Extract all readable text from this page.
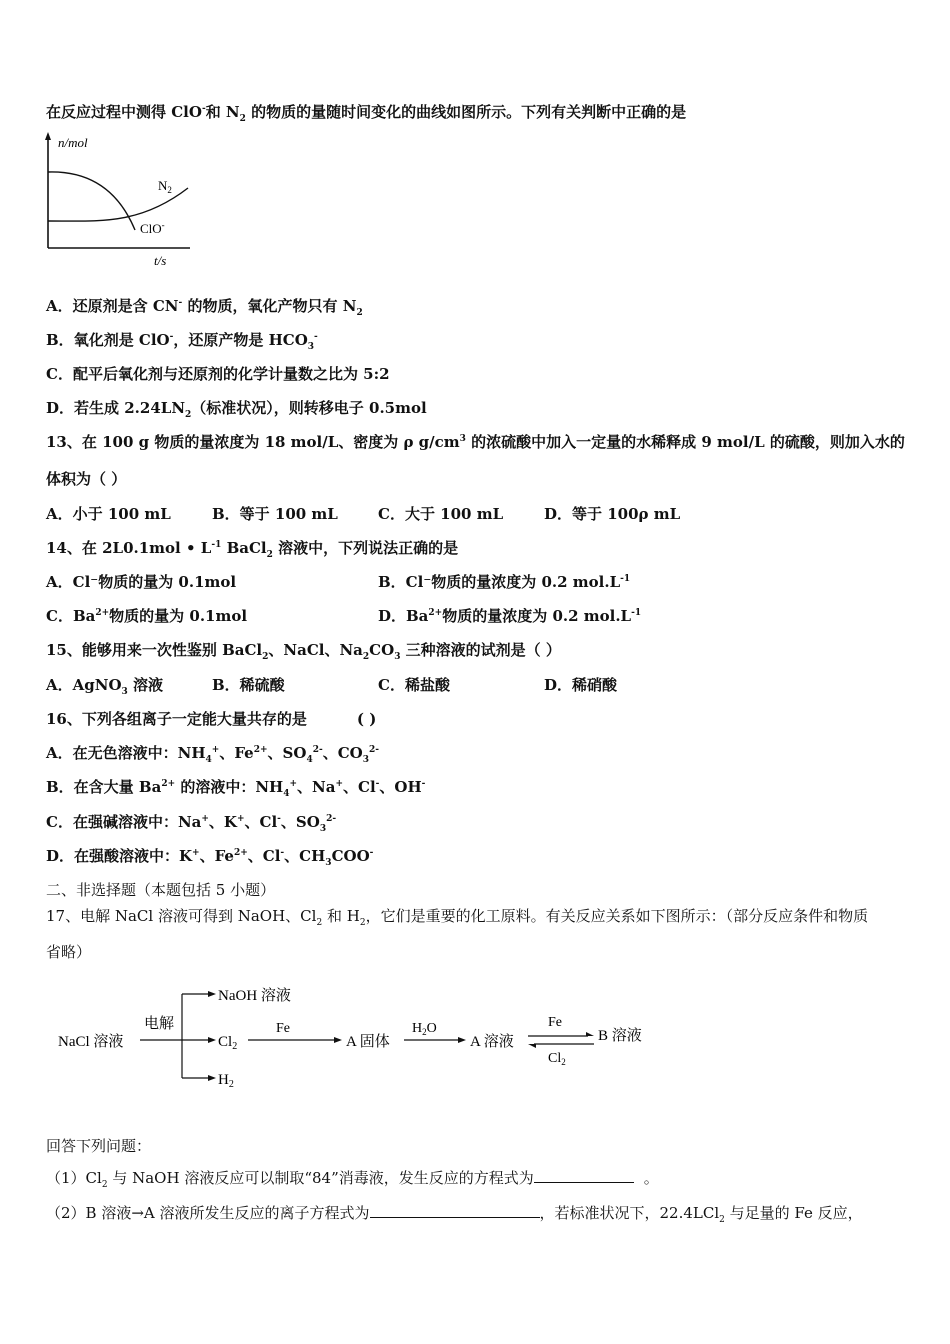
在反应过程中测得 ClO-和 $N_2$ 的物质的量随时间变化的曲线如图所示。下列有关判断中正确的是
n/mol
t/s
$N_2$
ClO-
A．还原剂是含 CN- 的物质，氧化产物只有 $N_2$
B．氧化剂是 ClO-，还原产物是 $HCO_3^-$
C．配平后氧化剂与还原剂的化学计量数之比为 5:2
D．若生成 $2.24LN_2$（标准状况），则转移电子 0.5mol
13、在 100 g 物质的量浓度为 18 mol/L、密度为 ρ $g/cm^3$ 的浓硫酸中加入一定量的水稀释成 9 mol/L 的硫酸，则加入水的
体积为（ ）
A．小于 100 mL	B．等于 100 mL	C．大于 100 mL	D．等于 100ρ mL
14、在 2L0.1mol • $L^{-1}$ BaCl$_2$ 溶液中，下列说法正确的是
A．Cl⁻物质的量为 0.1mol	B．Cl⁻物质的量浓度为 0.2 $mol.L^{-1}$
C．$Ba^{2+}$物质的量为 0.1mol	D．$Ba^{2+}$物质的量浓度为 0.2 $mol.L^{-1}$
15、能够用来一次性鉴别 BaCl$_2$、NaCl、$Na_2CO_3$ 三种溶液的试剂是（ ）
A．AgNO$_3$ 溶液	B．稀硫酸	C．稀盐酸	D．稀硝酸
16、下列各组离子一定能大量共存的是	( )
A．在无色溶液中：$NH_4^+$、$Fe^{2+}$、$SO_4^{2-}$、$CO_3^{2-}$
B．在含大量 $Ba^{2+}$ 的溶液中：$NH_4^+$、Na+、Cl-、OH-
C．在强碱溶液中：Na+、K+、Cl-、$SO_3^{2-}$
D．在强酸溶液中：K+、$Fe^{2+}$、Cl-、$CH_3COO^-$
二、非选择题（本题包括 5 小题）
17、电解 NaCl 溶液可得到 NaOH、$Cl_2$ 和 $H_2$，它们是重要的化工原料。有关反应关系如下图所示：（部分反应条件和物质
省略）
NaCl 溶液
电解
NaOH 溶液
$Cl_2$
$H_2$
Fe
A 固体
$H_2O$
A 溶液
Fe
$Cl_2$
B 溶液
回答下列问题：
$(1)Cl_2$ 与 NaOH 溶液反应可以制取“84”消毒液，发生反应的方程式为	。
（2）B 溶液→A 溶液所发生反应的离子方程式为	，若标准状况下，22.4LCl$_2$ 与足量的 Fe 反应，
